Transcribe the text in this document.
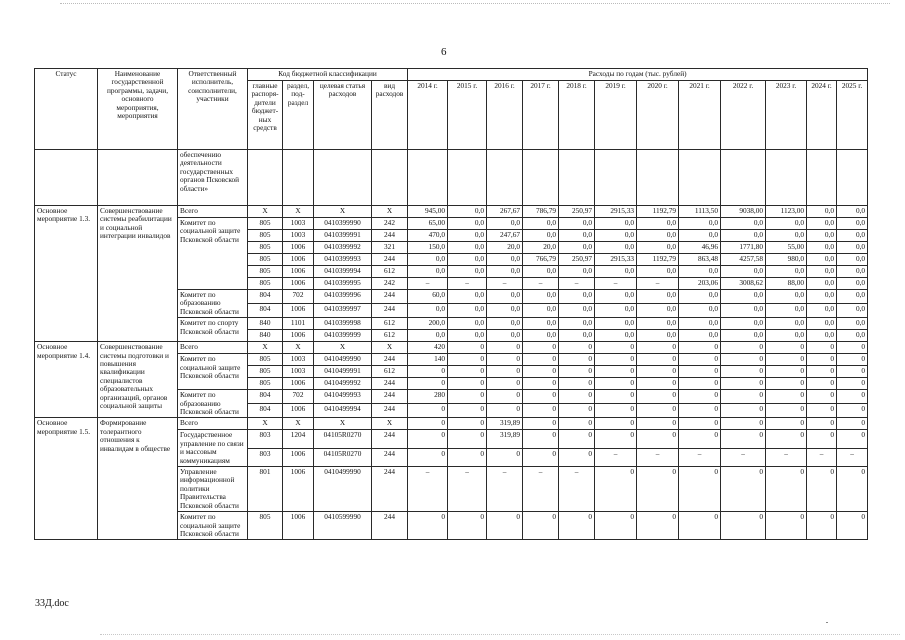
6
Статус	Наименование государственной программы, задачи, основного мероприятия, мероприятия	Ответственный исполнитель, соисполнители, участники	Код бюджетной классификации				Расходы по годам (тыс. рублей)											
			главные распоря-дители бюджет-ных средств	раздел, под-раздел	целевая статья расходов	вид расходов	2014 г.	2015 г.	2016 г.	2017 г.	2018 г.	2019 г.	2020 г.	2021 г.	2022 г.	2023 г.	2024 г.	2025 г.
		обеспечению деятельности государственных органов Псковской области»																
Основное мероприятие 1.3.	Совершенствование системы реабилитации и социальной интеграции инвалидов	Всего	X	X	X	X	945,00	0,0	267,67	786,79	250,97	2915,33	1192,79	1113,50	9038,00	1123,00	0,0	0,0
		Комитет по социальной защите Псковской области	805	1003	0410399990	242	65,00	0,0	0,0	0,0	0,0	0,0	0,0	0,0	0,0	0,0	0,0	0,0
			805	1003	0410399991	244	470,0	0,0	247,67	0,0	0,0	0,0	0,0	0,0	0,0	0,0	0,0	0,0
			805	1006	0410399992	321	150,0	0,0	20,0	20,0	0,0	0,0	0,0	46,96	1771,80	55,00	0,0	0,0
			805	1006	0410399993	244	0,0	0,0	0,0	766,79	250,97	2915,33	1192,79	863,48	4257,58	980,0	0,0	0,0
			805	1006	0410399994	612	0,0	0,0	0,0	0,0	0,0	0,0	0,0	0,0	0,0	0,0	0,0	0,0
			805	1006	0410399995	242	–	–	–	–	–	–	–	203,06	3008,62	88,00	0,0	0,0
		Комитет по образованию Псковской области	804	702	0410399996	244	60,0	0,0	0,0	0,0	0,0	0,0	0,0	0,0	0,0	0,0	0,0	0,0
			804	1006	0410399997	244	0,0	0,0	0,0	0,0	0,0	0,0	0,0	0,0	0,0	0,0	0,0	0,0
		Комитет по спорту Псковской области	840	1101	0410399998	612	200,0	0,0	0,0	0,0	0,0	0,0	0,0	0,0	0,0	0,0	0,0	0,0
			840	1006	0410399999	612	0,0	0,0	0,0	0,0	0,0	0,0	0,0	0,0	0,0	0,0	0,0	0,0
Основное мероприятие 1.4.	Совершенствование системы подготовки и повышения квалификации специалистов образовательных организаций, органов социальной защиты	Всего	X	X	X	X	420	0	0	0	0	0	0	0	0	0	0	0
		Комитет по социальной защите Псковской области	805	1003	0410499990	244	140	0	0	0	0	0	0	0	0	0	0	0
			805	1003	0410499991	612	0	0	0	0	0	0	0	0	0	0	0	0
			805	1006	0410499992	244	0	0	0	0	0	0	0	0	0	0	0	0
		Комитет по образованию Псковской области	804	702	0410499993	244	280	0	0	0	0	0	0	0	0	0	0	0
			804	1006	0410499994	244	0	0	0	0	0	0	0	0	0	0	0	0
Основное мероприятие 1.5.	Формирование толерантного отношения к инвалидам в обществе	Всего	X	X	X	X	0	0	319,89	0	0	0	0	0	0	0	0	0
		Государственное управление по связи и массовым коммуникациям	803	1204	04105R0270	244	0	0	319,89	0	0	0	0	0	0	0	0	0
			803	1006	04105R0270	244	0	0	0	0	0	–	–	–	–	–	–	–
		Управление информационной политики Правительства Псковской области	801	1006	0410499990	244	–	–	–	–	–	0	0	0	0	0	0	0
		Комитет по социальной защите Псковской области	805	1006	0410599990	244	0	0	0	0	0	0	0	0	0	0	0	0
33Д.doc
